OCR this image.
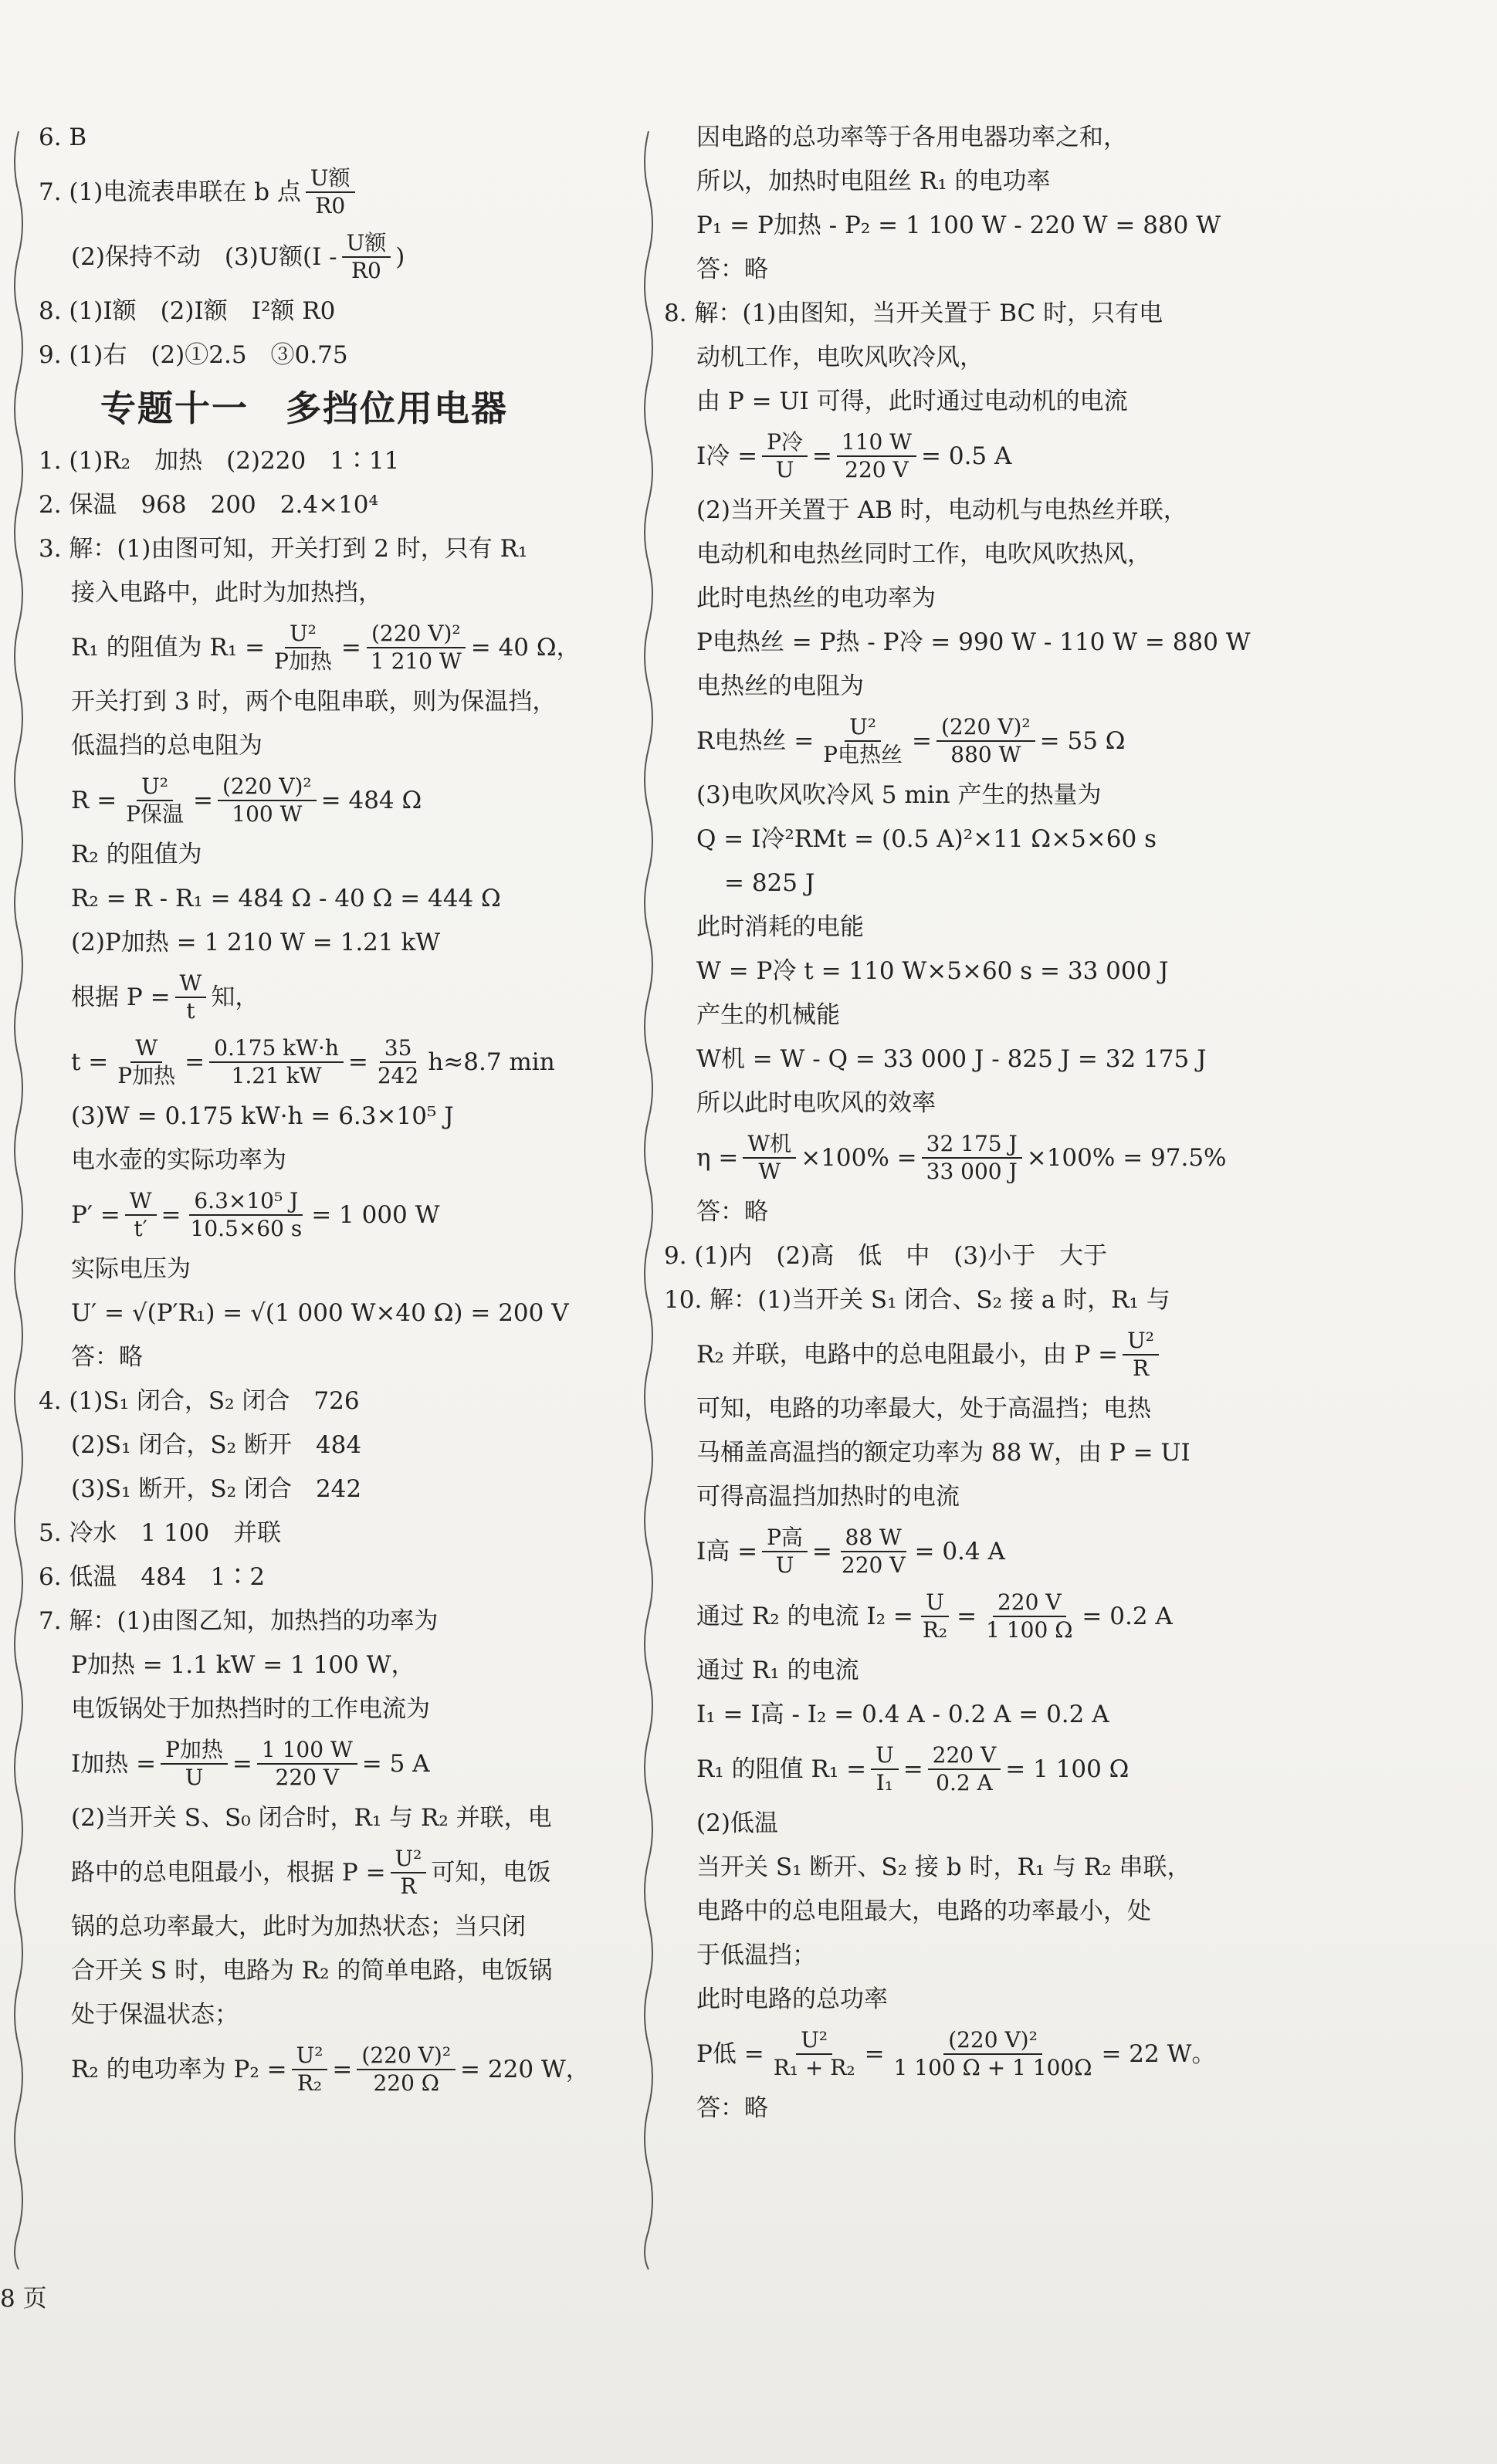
6. B
7. (1)电流表串联在 b 点 $\frac{\text{U额}}{R0}$
(2)保持不动　(3)U额($I - \frac{\text{U额}}{R0}$ )
8. (1)I额　(2)I额　I²额 R0
9. (1)右　(2)①2.5　③0.75
专题十一　多挡位用电器
1. (1)R₂　加热　(2)220　1∶11
2. 保温　968　200　2.4×10⁴
3. 解：(1)由图可知，开关打到 2 时，只有 R₁
接入电路中，此时为加热挡，
R₁ 的阻值为 $R_1 = \frac{\text{U²}}{\text{P加热}} = \frac{\text{(220 V)²}}{1 210 W} = 40$ Ω，
开关打到 3 时，两个电阻串联，则为保温挡，
低温挡的总电阻为
$R = \frac{\text{U²}}{\text{P保温}} = \frac{\text{(220 V)²}}{100 W} = 484$ Ω
R₂ 的阻值为
R₂ = R - R₁ = 484 Ω - 40 Ω = 444 Ω
(2)P加热 = 1 210 W = 1.21 kW
根据 $P = \frac{W}{t}$ 知，
$t = \frac{W}{\text{P加热}} = \frac{0.175 kW\cdot h}{1.21 kW} = \frac{35}{242} h\approx 8.7$ min
(3)W = 0.175 kW·h = 6.3×10⁵ J
电水壶的实际功率为
$P' = \frac{W}{t'} = \frac{\text{6.3×10⁵ J}}{10.5\times 60 s} = 1$ 000 W
实际电压为
U′ = √(P′R₁) = √(1 000 W×40 Ω) = 200 V
答：略
4. (1)S₁ 闭合，S₂ 闭合　726
(2)S₁ 闭合，S₂ 断开　484
(3)S₁ 断开，S₂ 闭合　242
5. 冷水　1 100　并联
6. 低温　484　1∶2
7. 解：(1)由图乙知，加热挡的功率为
P加热 = 1.1 kW = 1 100 W，
电饭锅处于加热挡时的工作电流为
I加热 = $\frac{\text{P加热}}{U} = \frac{1 100 W}{220 V} = 5$ A
(2)当开关 S、S₀ 闭合时，R₁ 与 R₂ 并联，电
路中的总电阻最小，根据 $P = \frac{\text{U²}}{R}$ 可知，电饭
锅的总功率最大，此时为加热状态；当只闭
合开关 S 时，电路为 R₂ 的简单电路，电饭锅
处于保温状态；
R₂ 的电功率为 $P_2 = \frac{\text{U²}}{\text{R₂}} = \frac{\text{(220 V)²}}{220 \Omega} = 220$ W，
因电路的总功率等于各用电器功率之和，
所以，加热时电阻丝 R₁ 的电功率
P₁ = P加热 - P₂ = 1 100 W - 220 W = 880 W
答：略
8. 解：(1)由图知，当开关置于 BC 时，只有电
动机工作，电吹风吹冷风，
由 P = UI 可得，此时通过电动机的电流
I冷 = $\frac{\text{P冷}}{U} = \frac{110 W}{220 V} = 0.5$ A
(2)当开关置于 AB 时，电动机与电热丝并联，
电动机和电热丝同时工作，电吹风吹热风，
此时电热丝的电功率为
P电热丝 = P热 - P冷 = 990 W - 110 W = 880 W
电热丝的电阻为
R电热丝 = $\frac{\text{U²}}{\text{P电热丝}} = \frac{\text{(220 V)²}}{880 W} = 55$ Ω
(3)电吹风吹冷风 5 min 产生的热量为
Q = I冷²RMt = (0.5 A)²×11 Ω×5×60 s
= 825 J
此时消耗的电能
W = P冷 t = 110 W×5×60 s = 33 000 J
产生的机械能
W机 = W - Q = 33 000 J - 825 J = 32 175 J
所以此时电吹风的效率
$\eta = \frac{\text{W机}}{W} \times 100\% = \frac{32 175 J}{33 000 J} \times 100\% = 97.5\%$
答：略
9. (1)内　(2)高　低　中　(3)小于　大于
10. 解：(1)当开关 S₁ 闭合、S₂ 接 a 时，R₁ 与
R₂ 并联，电路中的总电阻最小，由 $P = \frac{\text{U²}}{R}$
可知，电路的功率最大，处于高温挡；电热
马桶盖高温挡的额定功率为 88 W，由 P = UI
可得高温挡加热时的电流
I高 = $\frac{\text{P高}}{U} = \frac{88 W}{220 V} = 0.4$ A
通过 R₂ 的电流 $I_2 = \frac{U}{\text{R₂}} = \frac{220 V}{1 100 \Omega} = 0.2$ A
通过 R₁ 的电流
I₁ = I高 - I₂ = 0.4 A - 0.2 A = 0.2 A
R₁ 的阻值 $R_1 = \frac{U}{\text{I₁}} = \frac{220 V}{0.2 A} = 1$ 100 Ω
(2)低温
当开关 S₁ 断开、S₂ 接 b 时，R₁ 与 R₂ 串联，
电路中的总电阻最大，电路的功率最小，处
于低温挡；
此时电路的总功率
P低 = $\frac{\text{U²}}{\text{R₁ + R₂}} = \frac{\text{(220 V)²}}{1 100 \Omega + 1 100\Omega} = 22$ W。
答：略
8 页
